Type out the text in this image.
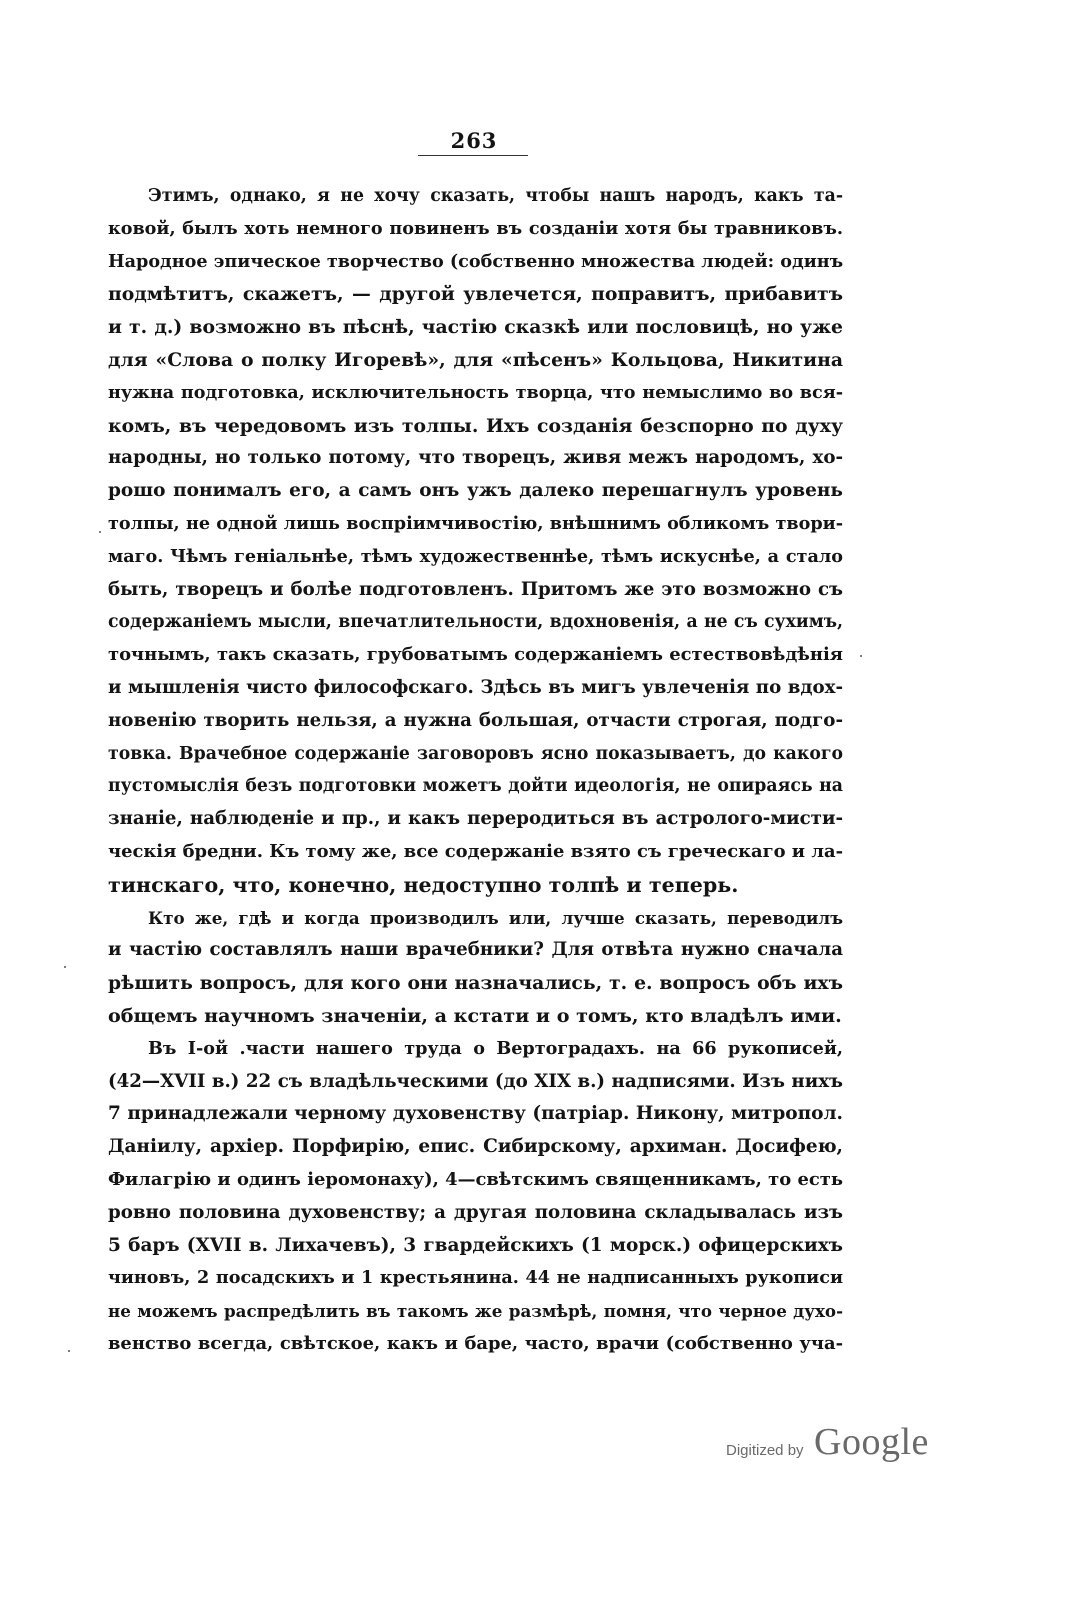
263
Этимъ, однако, я не хочу сказать, чтобы нашъ народъ, какъ та-
ковой, былъ хоть немного повиненъ въ созданіи хотя бы травниковъ.
Народное эпическое творчество (собственно множества людей: одинъ
подмѣтитъ, скажетъ, — другой увлечется, поправитъ, прибавитъ
и т. д.) возможно въ пѣснѣ, частію сказкѣ или пословицѣ, но уже
для «Слова о полку Игоревѣ», для «пѣсенъ» Кольцова, Никитина
нужна подготовка, исключительность творца, что немыслимо во вся-
комъ, въ чередовомъ изъ толпы. Ихъ созданія безспорно по духу
народны, но только потому, что творецъ, живя межъ народомъ, хо-
рошо понималъ его, а самъ онъ ужъ далеко перешагнулъ уровень
толпы, не одной лишь воспріимчивостію, внѣшнимъ обликомъ твори-
маго. Чѣмъ геніальнѣе, тѣмъ художественнѣе, тѣмъ искуснѣе, а стало
быть, творецъ и болѣе подготовленъ. Притомъ же это возможно съ
содержаніемъ мысли, впечатлительности, вдохновенія, а не съ сухимъ,
точнымъ, такъ сказать, грубоватымъ содержаніемъ естествовѣдѣнія
и мышленія чисто философскаго. Здѣсь въ мигъ увлеченія по вдох-
новенію творить нельзя, а нужна большая, отчасти строгая, подго-
товка. Врачебное содержаніе заговоровъ ясно показываетъ, до какого
пустомыслія безъ подготовки можетъ дойти идеологія, не опираясь на
знаніе, наблюденіе и пр., и какъ переродиться въ астролого-мисти-
ческія бредни. Къ тому же, все содержаніе взято съ греческаго и ла-
тинскаго, что, конечно, недоступно толпѣ и теперь.
Кто же, гдѣ и когда производилъ или, лучше сказать, переводилъ
и частію составлялъ наши врачебники? Для отвѣта нужно сначала
рѣшить вопросъ, для кого они назначались, т. е. вопросъ объ ихъ
общемъ научномъ значеніи, а кстати и о томъ, кто владѣлъ ими.
Въ І-ой .части нашего труда о Вертоградахъ. на 66 рукописей,
(42—XVII в.) 22 съ владѣльческими (до XIX в.) надписями. Изъ нихъ
7 принадлежали черному духовенству (патріар. Никону, митропол.
Даніилу, архіер. Порфирію, епис. Сибирскому, архиман. Досифею,
Филагрію и одинъ іеромонаху), 4—свѣтскимъ священникамъ, то есть
ровно половина духовенству; а другая половина складывалась изъ
5 баръ (XVII в. Лихачевъ), 3 гвардейскихъ (1 морск.) офицерскихъ
чиновъ, 2 посадскихъ и 1 крестьянина. 44 не надписанныхъ рукописи
не можемъ распредѣлить въ такомъ же размѣрѣ, помня, что черное духо-
венство всегда, свѣтское, какъ и баре, часто, врачи (собственно уча-
Digitized by Google
